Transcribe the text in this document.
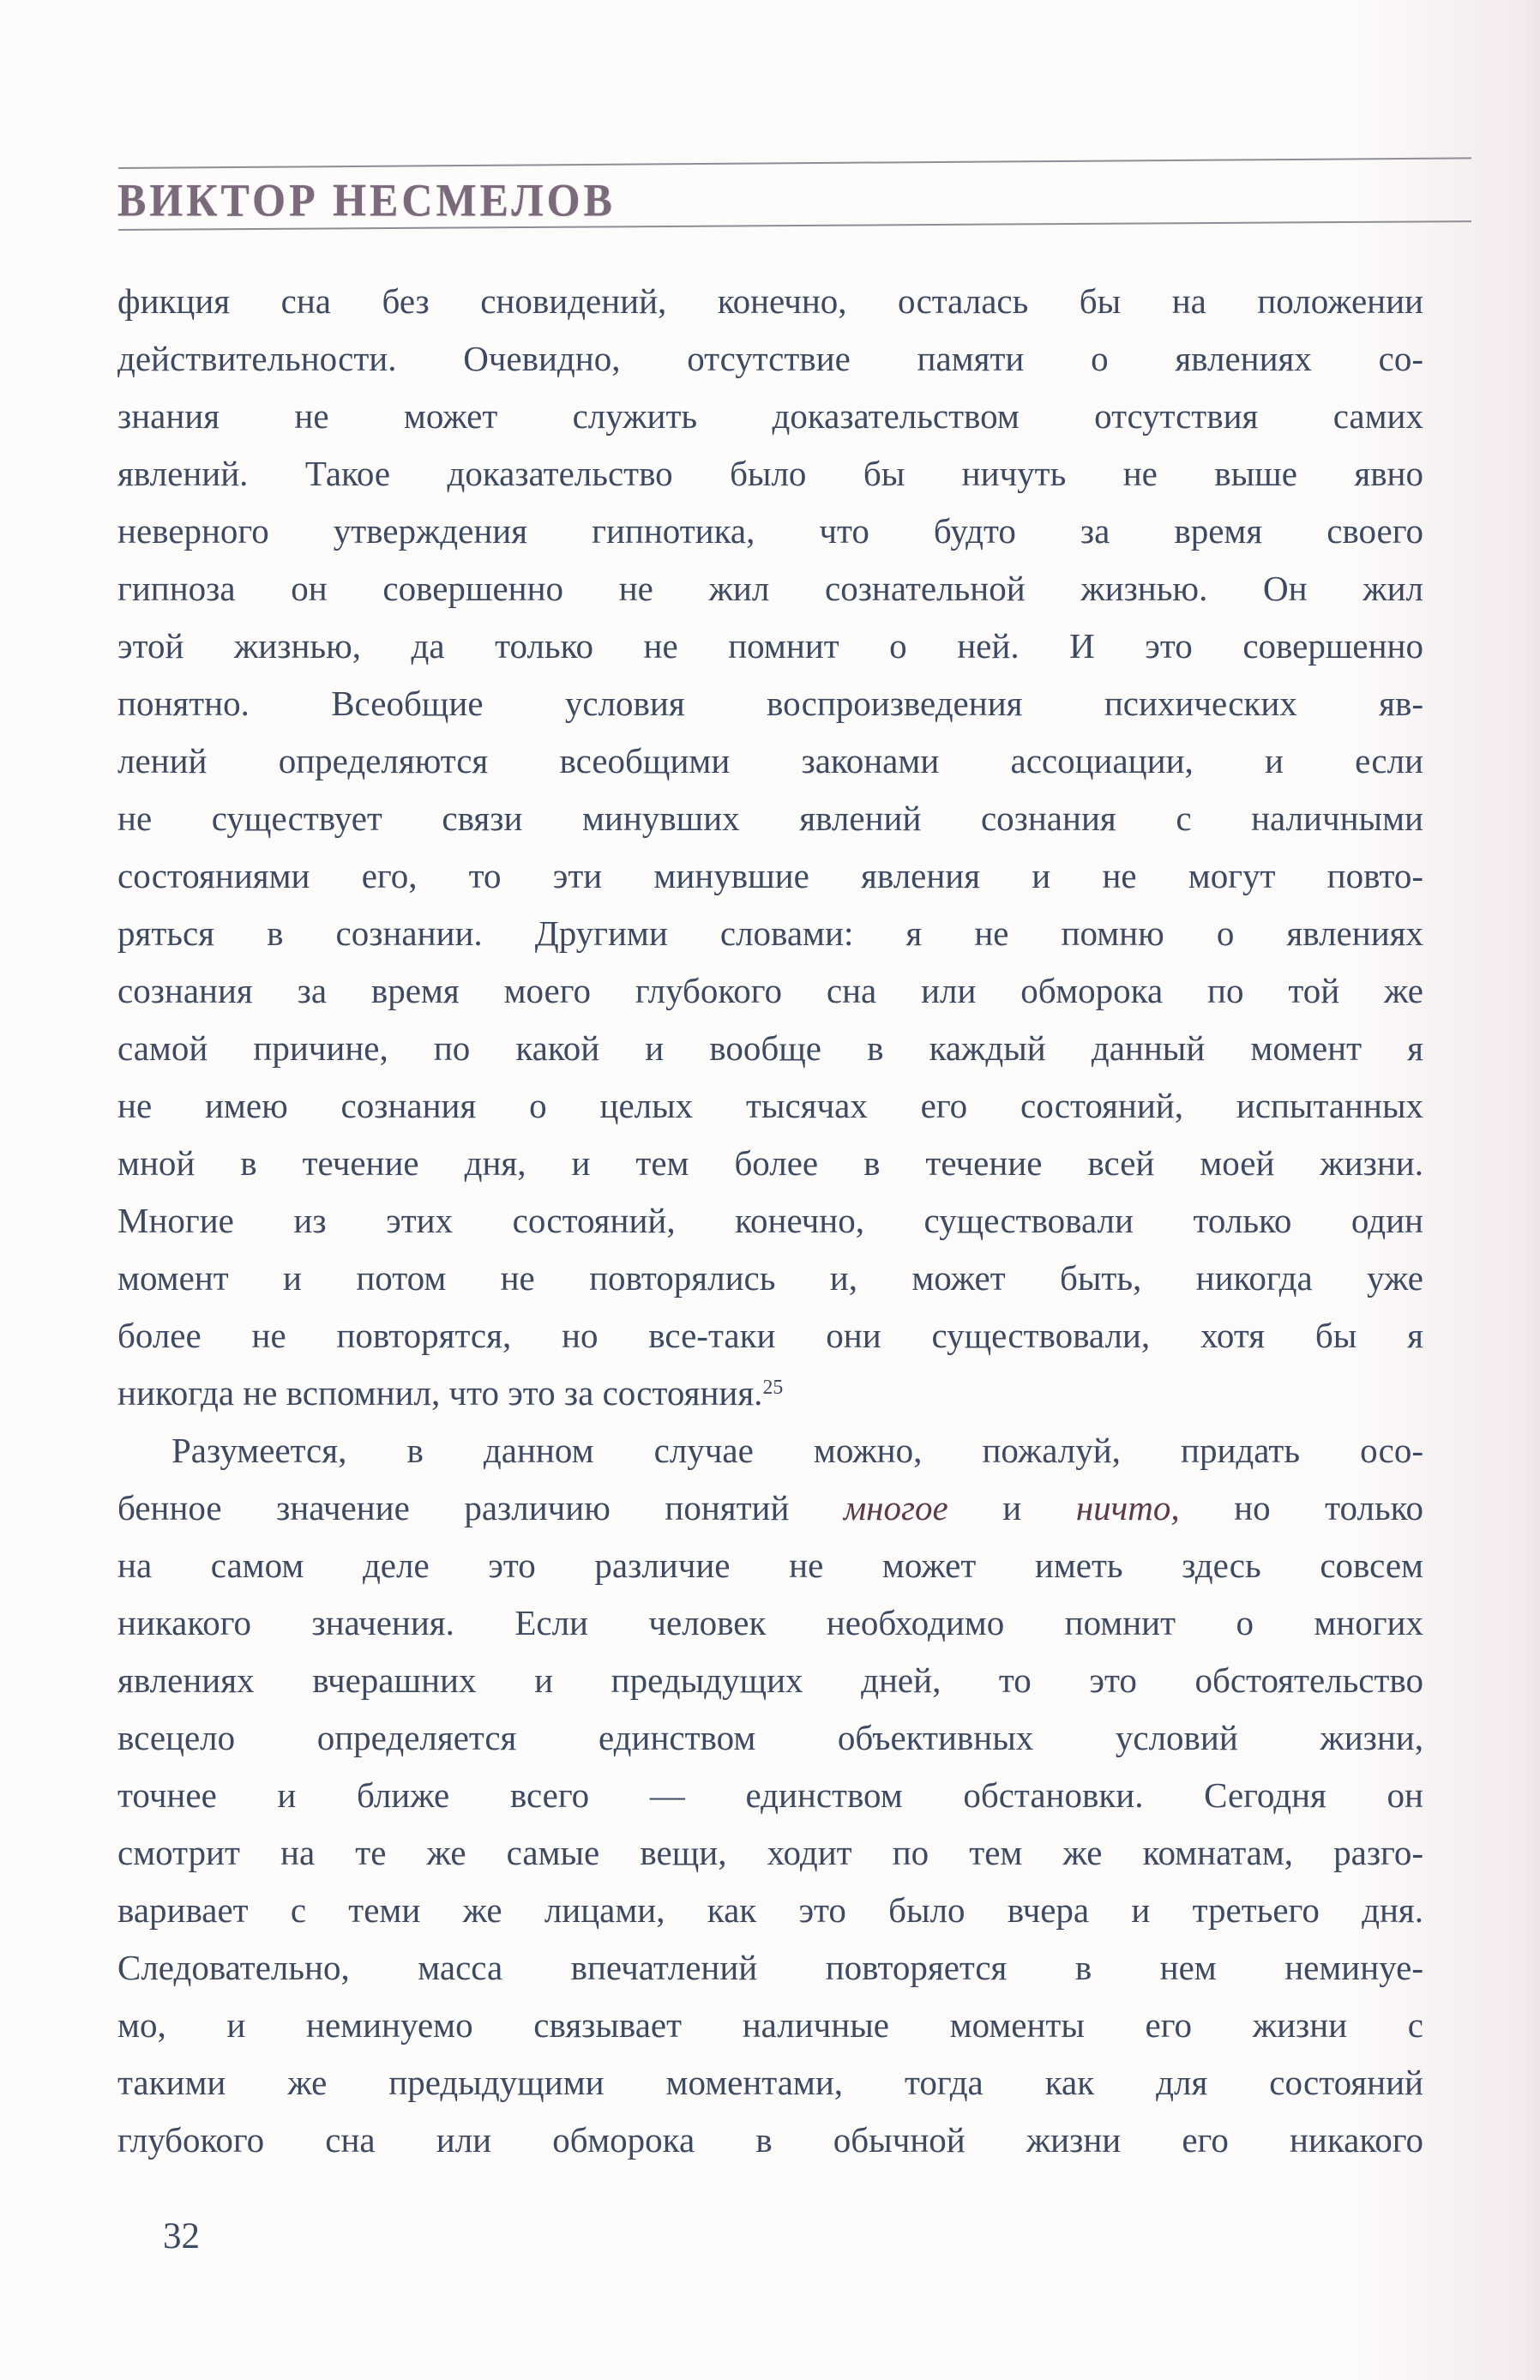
ВИКТОР НЕСМЕЛОВ
фикция сна без сновидений, конечно, осталась бы на положении
действительности. Очевидно, отсутствие памяти о явлениях со-
знания не может служить доказательством отсутствия самих
явлений. Такое доказательство было бы ничуть не выше явно
неверного утверждения гипнотика, что будто за время своего
гипноза он совершенно не жил сознательной жизнью. Он жил
этой жизнью, да только не помнит о ней. И это совершенно
понятно. Всеобщие условия воспроизведения психических яв-
лений определяются всеобщими законами ассоциации, и если
не существует связи минувших явлений сознания с наличными
состояниями его, то эти минувшие явления и не могут повто-
ряться в сознании. Другими словами: я не помню о явлениях
сознания за время моего глубокого сна или обморока по той же
самой причине, по какой и вообще в каждый данный момент я
не имею сознания о целых тысячах его состояний, испытанных
мной в течение дня, и тем более в течение всей моей жизни.
Многие из этих состояний, конечно, существовали только один
момент и потом не повторялись и, может быть, никогда уже
более не повторятся, но все-таки они существовали, хотя бы я
никогда не вспомнил, что это за состояния.$^{25}$
Разумеется, в данном случае можно, пожалуй, придать осо-
бенное значение различию понятий многое и ничто, но только
на самом деле это различие не может иметь здесь совсем
никакого значения. Если человек необходимо помнит о многих
явлениях вчерашних и предыдущих дней, то это обстоятельство
всецело определяется единством объективных условий жизни,
точнее и ближе всего — единством обстановки. Сегодня он
смотрит на те же самые вещи, ходит по тем же комнатам, разго-
варивает с теми же лицами, как это было вчера и третьего дня.
Следовательно, масса впечатлений повторяется в нем неминуе-
мо, и неминуемо связывает наличные моменты его жизни с
такими же предыдущими моментами, тогда как для состояний
глубокого сна или обморока в обычной жизни его никакого
32
